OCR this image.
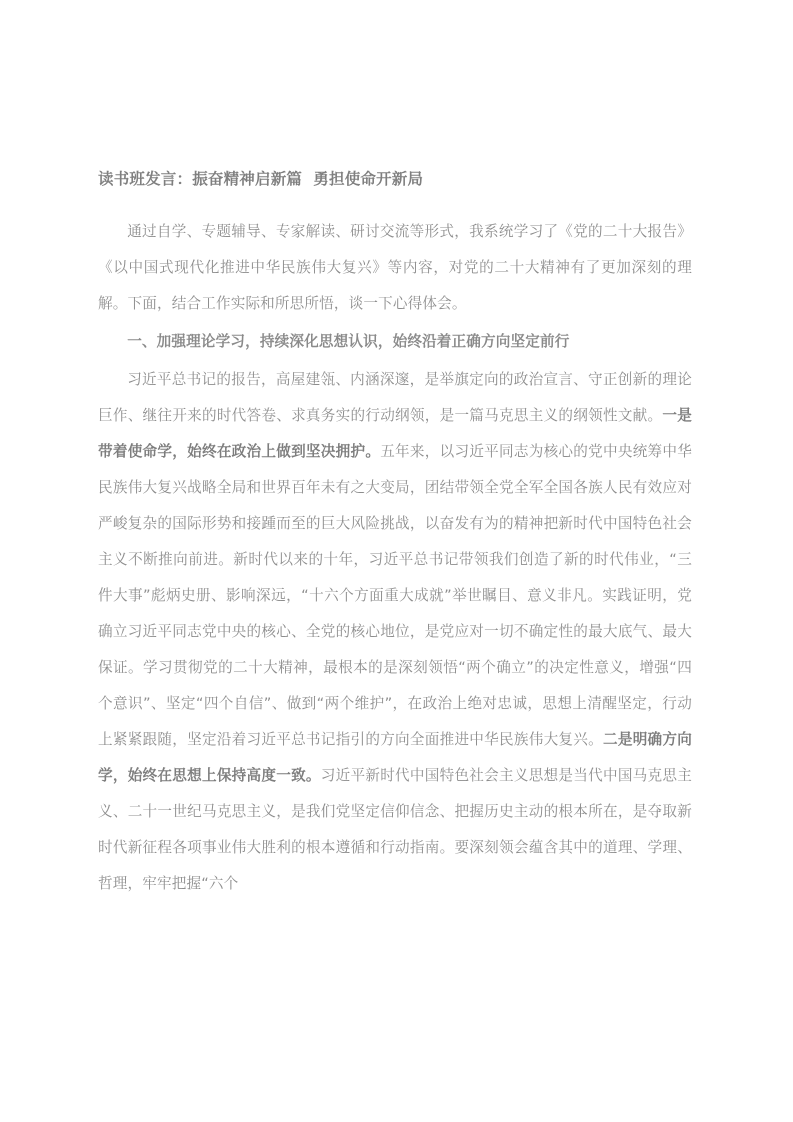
读书班发言：振奋精神启新篇  勇担使命开新局

通过自学、专题辅导、专家解读、研讨交流等形式，我系统学习了《党的二十大报告》《以中国式现代化推进中华民族伟大复兴》等内容，对党的二十大精神有了更加深刻的理解。下面，结合工作实际和所思所悟，谈一下心得体会。

一、加强理论学习，持续深化思想认识，始终沿着正确方向坚定前行

习近平总书记的报告，高屋建瓴、内涵深邃，是举旗定向的政治宣言、守正创新的理论巨作、继往开来的时代答卷、求真务实的行动纲领，是一篇马克思主义的纲领性文献。一是带着使命学，始终在政治上做到坚决拥护。五年来，以习近平同志为核心的党中央统筹中华民族伟大复兴战略全局和世界百年未有之大变局，团结带领全党全军全国各族人民有效应对严峻复杂的国际形势和接踵而至的巨大风险挑战，以奋发有为的精神把新时代中国特色社会主义不断推向前进。新时代以来的十年，习近平总书记带领我们创造了新的时代伟业，“三件大事”彪炳史册、影响深远，“十六个方面重大成就”举世瞩目、意义非凡。实践证明，党确立习近平同志党中央的核心、全党的核心地位，是党应对一切不确定性的最大底气、最大保证。学习贯彻党的二十大精神，最根本的是深刻领悟“两个确立”的决定性意义，增强“四个意识”、坚定“四个自信”、做到“两个维护”，在政治上绝对忠诚，思想上清醒坚定，行动上紧紧跟随，坚定沿着习近平总书记指引的方向全面推进中华民族伟大复兴。二是明确方向学，始终在思想上保持高度一致。习近平新时代中国特色社会主义思想是当代中国马克思主义、二十一世纪马克思主义，是我们党坚定信仰信念、把握历史主动的根本所在，是夺取新时代新征程各项事业伟大胜利的根本遵循和行动指南。要深刻领会蕴含其中的道理、学理、哲理，牢牢把握“六个
